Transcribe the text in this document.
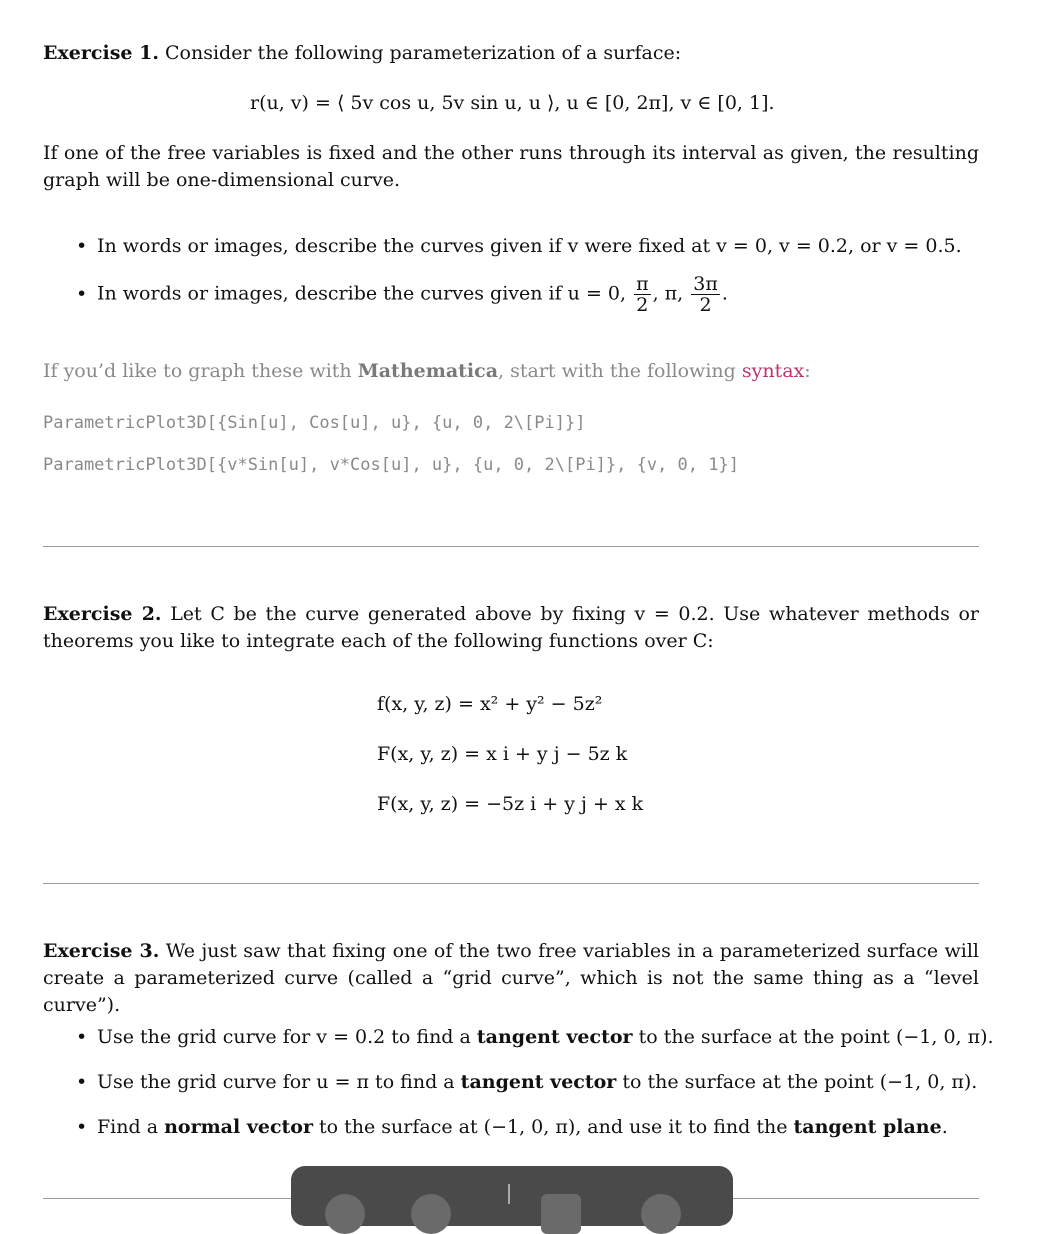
Exercise 1. Consider the following parameterization of a surface:
r(u, v) = ⟨ 5v cos u, 5v sin u, u ⟩, u ∈ [0, 2π], v ∈ [0, 1].
If one of the free variables is fixed and the other runs through its interval as given, the resulting graph will be one-dimensional curve.
• In words or images, describe the curves given if v were fixed at v = 0, v = 0.2, or v = 0.5.
• In words or images, describe the curves given if u = 0, $\frac{\pi}{2}$ , π, $\frac{3\pi}{2}$ .
If you’d like to graph these with Mathematica, start with the following syntax:
ParametricPlot3D[{Sin[u], Cos[u], u}, {u, 0, 2\[Pi]}]
ParametricPlot3D[{v*Sin[u], v*Cos[u], u}, {u, 0, 2\[Pi]}, {v, 0, 1}]
Exercise 2. Let C be the curve generated above by fixing v = 0.2. Use whatever methods or theorems you like to integrate each of the following functions over C:
f(x, y, z) = x² + y² − 5z²
F(x, y, z) = x i + y j − 5z k
F(x, y, z) = −5z i + y j + x k
Exercise 3. We just saw that fixing one of the two free variables in a parameterized surface will create a parameterized curve (called a “grid curve”, which is not the same thing as a “level curve”).
• Use the grid curve for v = 0.2 to find a tangent vector to the surface at the point (−1, 0, π).
• Use the grid curve for u = π to find a tangent vector to the surface at the point (−1, 0, π).
• Find a normal vector to the surface at (−1, 0, π), and use it to find the tangent plane.
